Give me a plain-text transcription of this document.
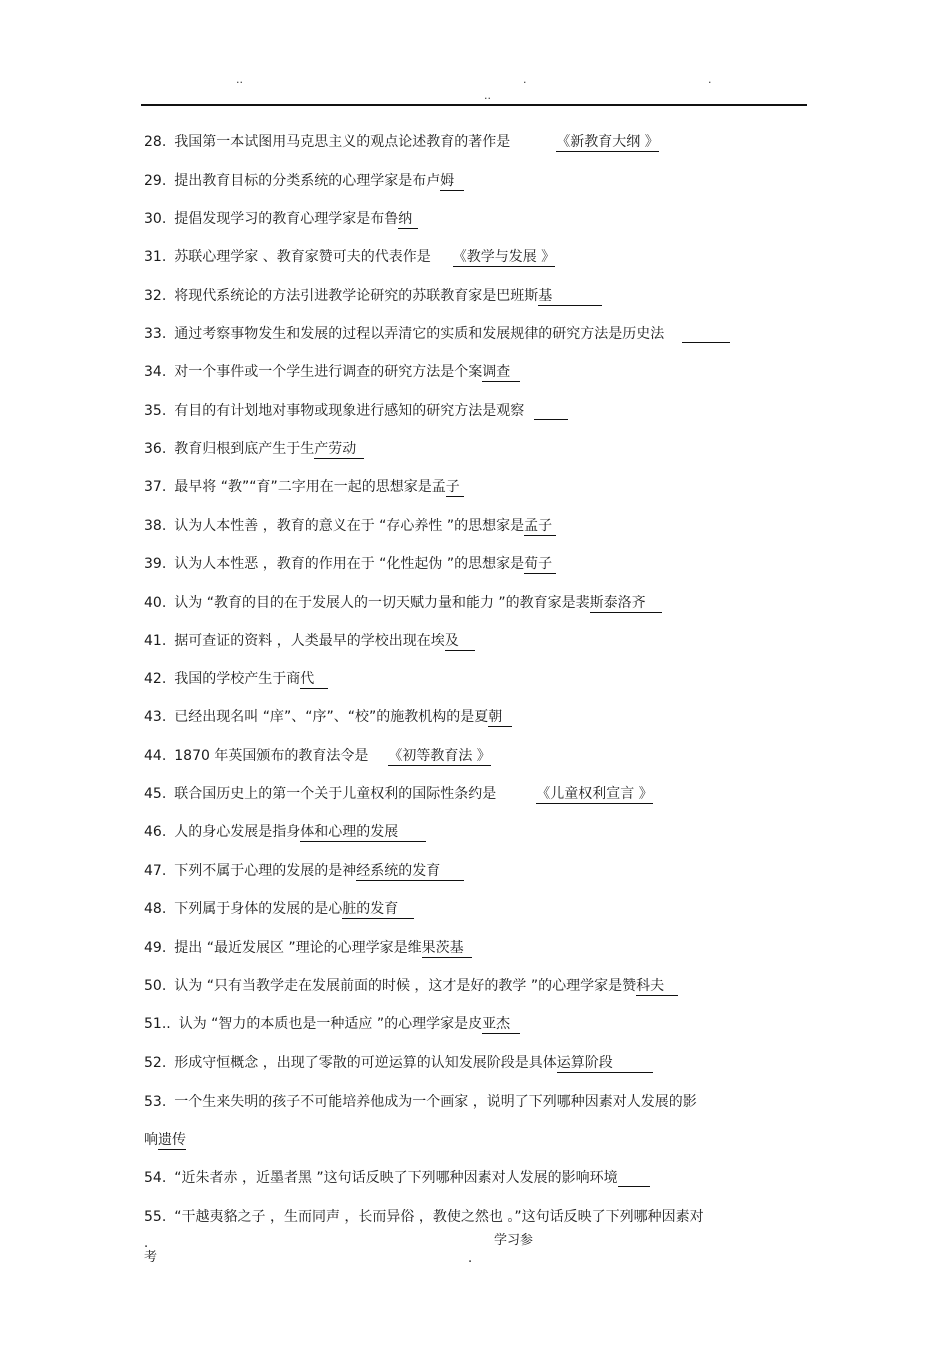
..	.	.
..
28. 我国第一本试图用马克思主义的观点论述教育的著作是	《新教育大纲 》
29. 提出教育目标的分类系统的心理学家是布卢姆
30. 提倡发现学习的教育心理学家是布鲁纳
31. 苏联心理学家 、教育家赞可夫的代表作是 《教学与发展 》
32. 将现代系统论的方法引进教学论研究的苏联教育家是巴班斯基
33. 通过考察事物发生和发展的过程以弄清它的实质和发展规律的研究方法是历史法
34. 对一个事件或一个学生进行调查的研究方法是个案调查
35. 有目的有计划地对事物或现象进行感知的研究方法是观察
36. 教育归根到底产生于生产劳动
37. 最早将 “教”“育”二字用在一起的思想家是孟子
38. 认为人本性善 ，教育的意义在于 “存心养性 ”的思想家是孟子
39. 认为人本性恶 ，教育的作用在于 “化性起伪 ”的思想家是荀子
40. 认为 “教育的目的在于发展人的一切天赋力量和能力 ”的教育家是裴斯泰洛齐
41. 据可查证的资料 ，人类最早的学校出现在埃及
42. 我国的学校产生于商代
43. 已经出现名叫 “庠”、“序”、“校”的施教机构的是夏朝
44. 1870 年英国颁布的教育法令是 《初等教育法 》
45. 联合国历史上的第一个关于儿童权利的国际性条约是	《儿童权利宣言 》
46. 人的身心发展是指身体和心理的发展
47. 下列不属于心理的发展的是神经系统的发育
48. 下列属于身体的发展的是心脏的发育
49. 提出 “最近发展区 ”理论的心理学家是维果茨基
50. 认为 “只有当教学走在发展前面的时候 ，这才是好的教学 ”的心理学家是赞科夫
51.. 认为 “智力的本质也是一种适应 ”的心理学家是皮亚杰
52. 形成守恒概念 ，出现了零散的可逆运算的认知发展阶段是具体运算阶段
53. 一个生来失明的孩子不可能培养他成为一个画家 ，说明了下列哪种因素对人发展的影
响遗传
54. “近朱者赤 ，近墨者黑 ”这句话反映了下列哪种因素对人发展的影响环境
55. “干越夷貉之子 ，生而同声 ，长而异俗 ，教使之然也 。”这句话反映了下列哪种因素对
.
考
学习参
.
